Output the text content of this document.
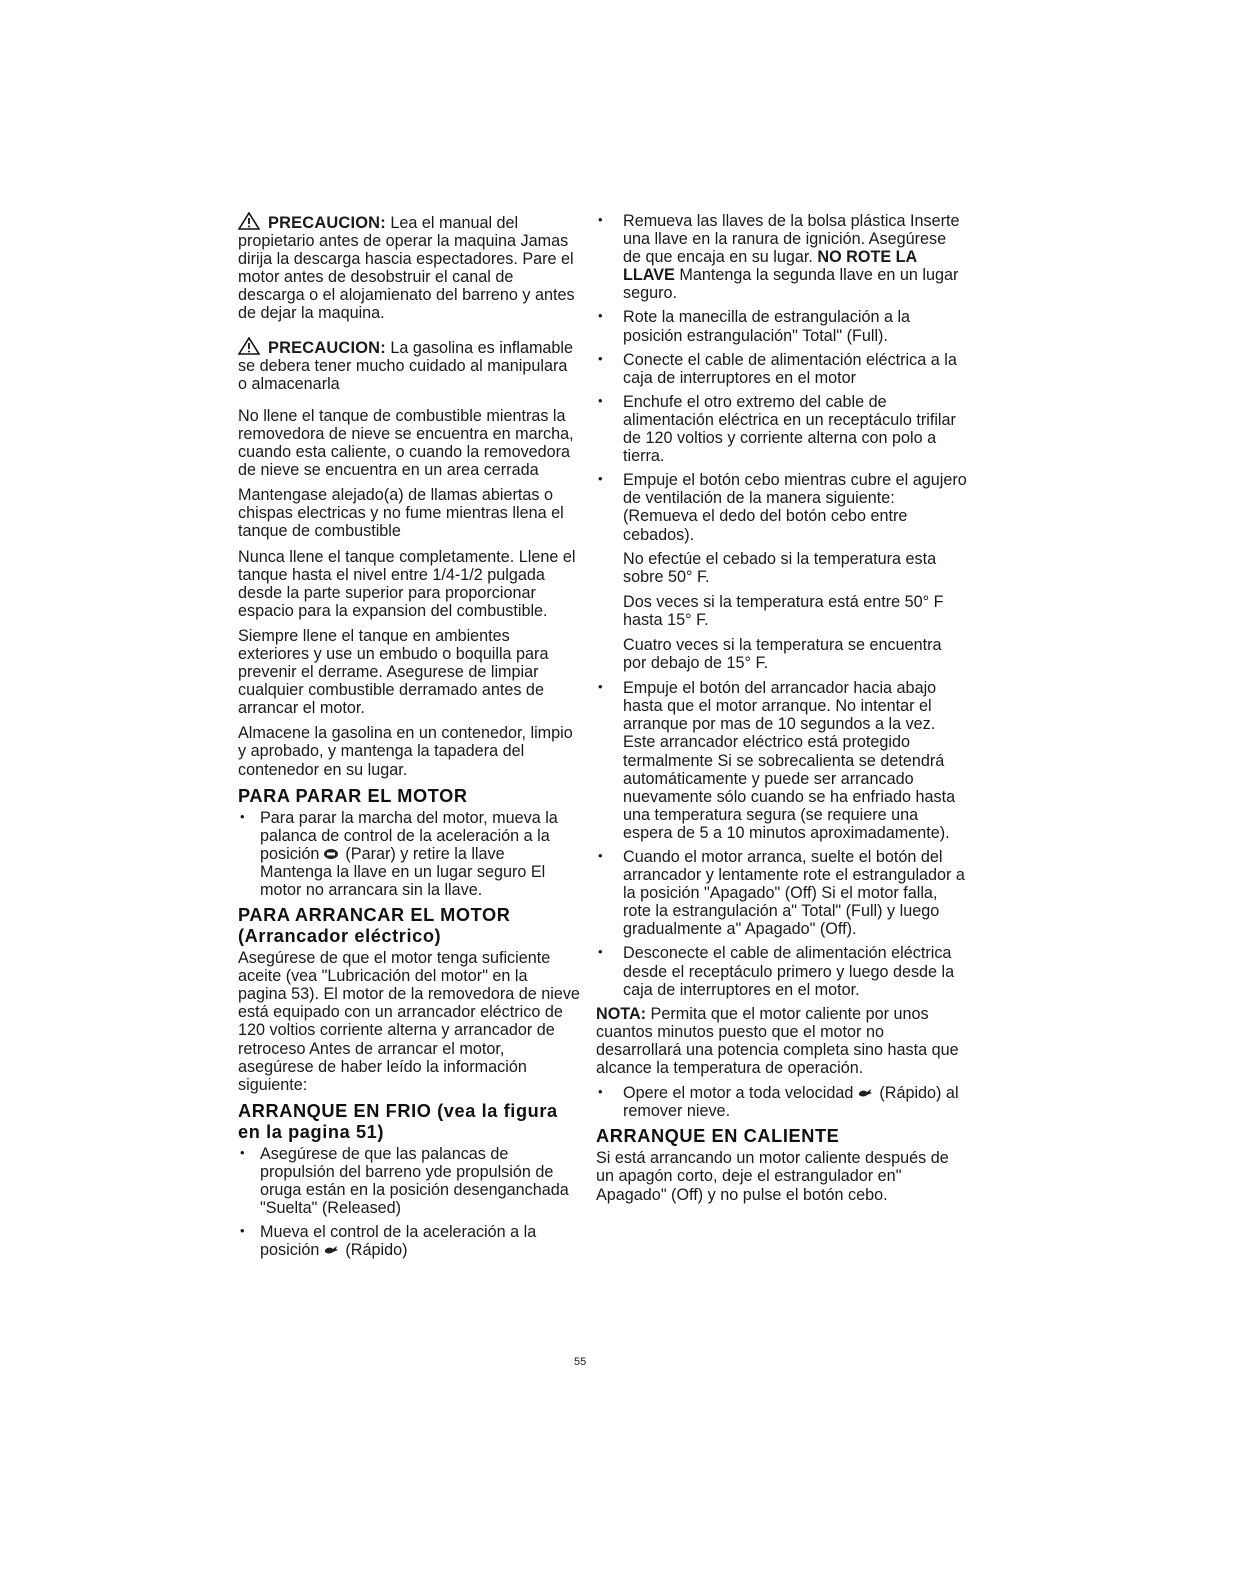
PRECAUCION: Lea el manual del propietario antes de operar la maquina Jamas dirija la descarga hascia espectadores. Pare el motor antes de desobstruir el canal de descarga o el alojamienato del barreno y antes de dejar la maquina.

PRECAUCION: La gasolina es inflamable se debera tener mucho cuidado al manipulara o almacenarla

No llene el tanque de combustible mientras la removedora de nieve se encuentra en marcha, cuando esta caliente, o cuando la removedora de nieve se encuentra en un area cerrada

Mantengase alejado(a) de llamas abiertas o chispas electricas y no fume mientras llena el tanque de combustible

Nunca llene el tanque completamente. Llene el tanque hasta el nivel entre 1/4-1/2 pulgada desde la parte superior para proporcionar espacio para la expansion del combustible.

Siempre llene el tanque en ambientes exteriores y use un embudo o boquilla para prevenir el derrame. Asegurese de limpiar cualquier combustible derramado antes de arrancar el motor.

Almacene la gasolina en un contenedor, limpio y aprobado, y mantenga la tapadera del contenedor en su lugar.

PARA PARAR EL MOTOR
• Para parar la marcha del motor, mueva la palanca de control de la aceleración a la posición (Parar) y retire la llave Mantenga la llave en un lugar seguro El motor no arrancara sin la llave.
PARA ARRANCAR EL MOTOR (Arrancador eléctrico)

Asegúrese de que el motor tenga suficiente aceite (vea "Lubricación del motor" en la pagina 53). El motor de la removedora de nieve está equipado con un arrancador eléctrico de 120 voltios corriente alterna y arrancador de retroceso Antes de arrancar el motor, asegúrese de haber leído la información siguiente:

ARRANQUE EN FRIO (vea la figura en la pagina 51)
• Asegúrese de que las palancas de propulsión del barreno yde propulsión de oruga están en la posición desenganchada "Suelta" (Released)
• Mueva el control de la aceleración a la posición (Rápido)
• Remueva las llaves de la bolsa plástica Inserte una llave en la ranura de ignición. Asegúrese de que encaja en su lugar. NO ROTE LA LLAVE Mantenga la segunda llave en un lugar seguro.
• Rote la manecilla de estrangulación a la posición estrangulación" Total" (Full).
• Conecte el cable de alimentación eléctrica a la caja de interruptores en el motor
• Enchufe el otro extremo del cable de alimentación eléctrica en un receptáculo trifilar de 120 voltios y corriente alterna con polo a tierra.
• Empuje el botón cebo mientras cubre el agujero de ventilación de la manera siguiente: (Remueva el dedo del botón cebo entre cebados).

No efectúe el cebado si la temperatura esta sobre 50° F.

Dos veces si la temperatura está entre 50° F hasta 15° F.

Cuatro veces si la temperatura se encuentra por debajo de 15° F.

• Empuje el botón del arrancador hacia abajo hasta que el motor arranque. No intentar el arranque por mas de 10 segundos a la vez. Este arrancador eléctrico está protegido termalmente Si se sobrecalienta se detendrá automáticamente y puede ser arrancado nuevamente sólo cuando se ha enfriado hasta una temperatura segura (se requiere una espera de 5 a 10 minutos aproximadamente).
• Cuando el motor arranca, suelte el botón del arrancador y lentamente rote el estrangulador a la posición "Apagado" (Off) Si el motor falla, rote la estrangulación a" Total" (Full) y luego gradualmente a" Apagado" (Off).
• Desconecte el cable de alimentación eléctrica desde el receptáculo primero y luego desde la caja de interruptores en el motor.

NOTA: Permita que el motor caliente por unos cuantos minutos puesto que el motor no desarrollará una potencia completa sino hasta que alcance la temperatura de operación.

• Opere el motor a toda velocidad (Rápido) al remover nieve.
ARRANQUE EN CALIENTE

Si está arrancando un motor caliente después de un apagón corto, deje el estrangulador en" Apagado" (Off) y no pulse el botón cebo.

55
